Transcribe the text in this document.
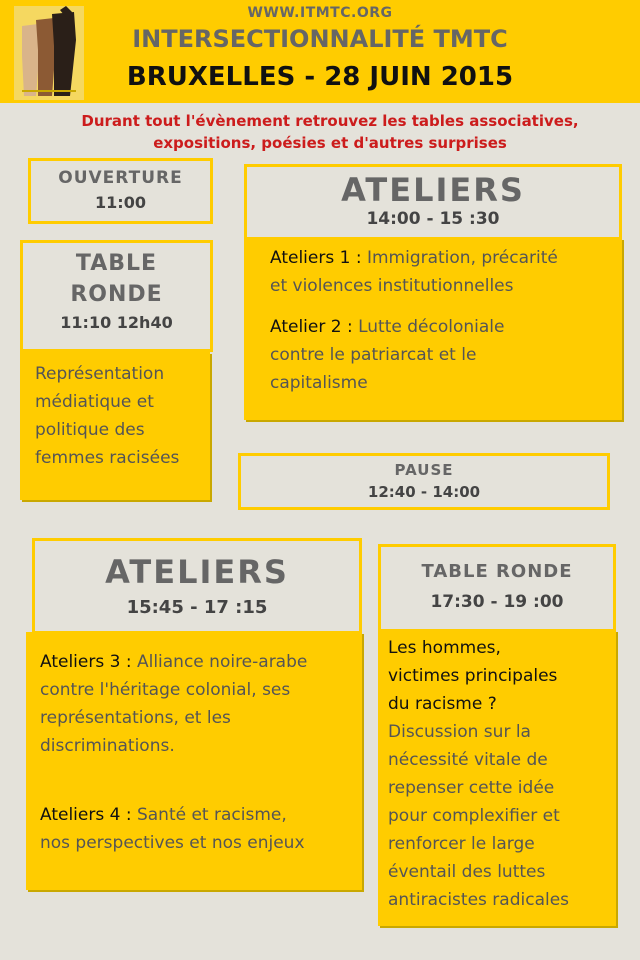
WWW.ITMTC.ORG
INTERSECTIONNALITÉ TMTC
BRUXELLES - 28 JUIN 2015
Durant tout l'évènement retrouvez les tables associatives,
expositions, poésies et d'autres surprises
OUVERTURE
11:00
TABLE
RONDE
11:10 12h40
Représentation
médiatique et
politique des
femmes racisées
ATELIERS
14:00 - 15 :30
Ateliers 1 : Immigration, précarité
et violences institutionnelles
Atelier 2 : Lutte décoloniale
contre le patriarcat et le
capitalisme
PAUSE
12:40 - 14:00
ATELIERS
15:45 - 17 :15
Ateliers 3 : Alliance noire-arabe
contre l'héritage colonial, ses
représentations, et les
discriminations.
Ateliers 4 : Santé et racisme,
nos perspectives et nos enjeux
TABLE RONDE
17:30 - 19 :00
Les hommes,
victimes principales
du racisme ?
Discussion sur la
nécessité vitale de
repenser cette idée
pour complexifier et
renforcer le large
éventail des luttes
antiracistes radicales
